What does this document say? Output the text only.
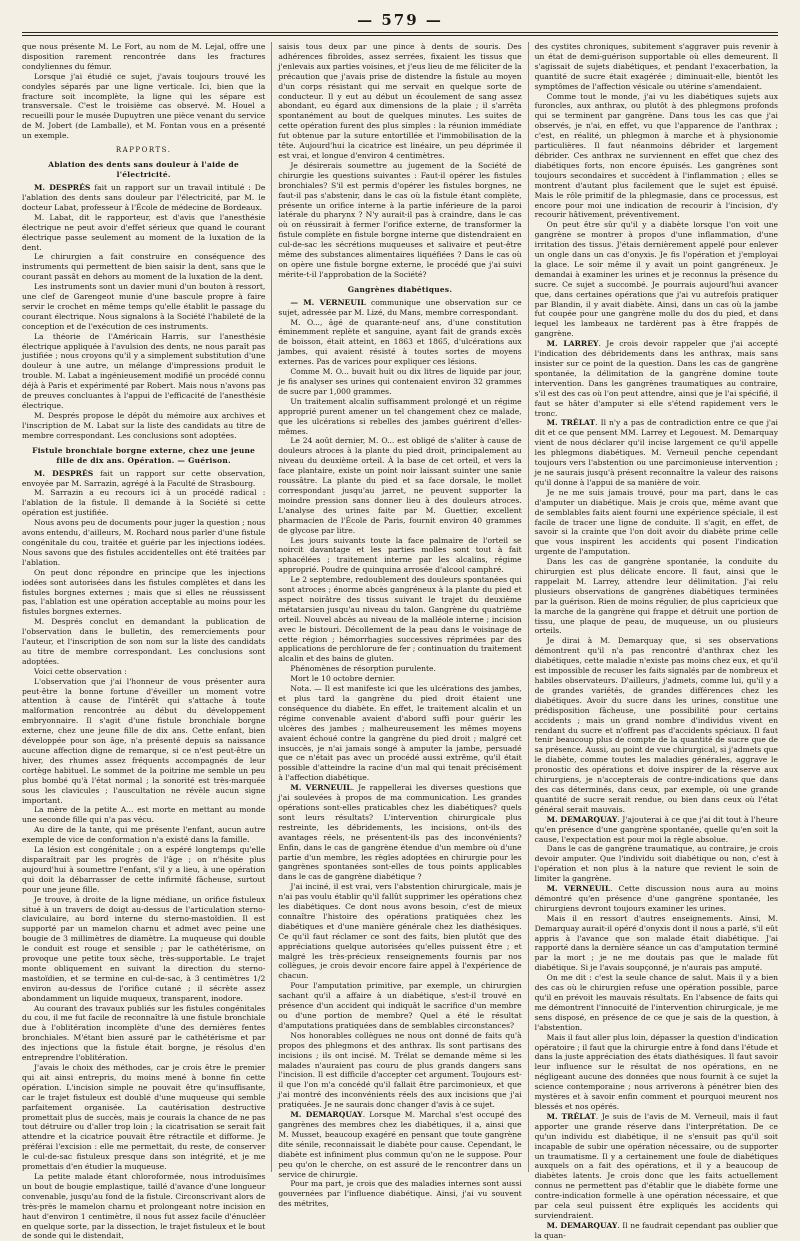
— 579 —

que nous présente M. Le Fort, au nom de M. Lejal, offre une disposition rarement rencontrée dans les fractures condyliennes du fémur.

Lorsque j'ai étudié ce sujet, j'avais toujours trouvé les condyles séparés par une ligne verticale. Ici, bien que la fracture soit incomplète, la ligne qui les sépare est transversale. C'est le troisième cas observé. M. Houel a recueilli pour le musée Dupuytren une pièce venant du service de M. Jobert (de Lamballe), et M. Fontan vous en a présenté un exemple.

RAPPORTS.
Ablation des dents sans douleur à l'aide de l'électricité.

M. DESPRÉS fait un rapport sur un travail intitulé : De l'ablation des dents sans douleur par l'électricité, par M. le docteur Labat, professeur à l'École de médecine de Bordeaux.

M. Labat, dit le rapporteur, est d'avis que l'anesthésie électrique ne peut avoir d'effet sérieux que quand le courant électrique passe seulement au moment de la luxation de la dent.

Le chirurgien a fait construire en conséquence des instruments qui permettent de bien saisir la dent, sans que le courant passât en dehors au moment de la luxation de la dent.

Les instruments sont un davier muni d'un bouton à ressort, une clef de Garengeot munie d'une bascule propre à faire servir le crochet en même temps qu'elle établit le passage du courant électrique. Nous signalons à la Société l'habileté de la conception et de l'exécution de ces instruments.

La théorie de l'Américain Harris, sur l'anesthésie électrique appliquée à l'avulsion des dents, ne nous paraît pas justifiée ; nous croyons qu'il y a simplement substitution d'une douleur à une autre, un mélange d'impressions produit le trouble. M. Labat a ingénieusement modifié un procédé connu déjà à Paris et expérimenté par Robert. Mais nous n'avons pas de preuves concluantes à l'appui de l'efficacité de l'anesthésie électrique.

M. Després propose le dépôt du mémoire aux archives et l'inscription de M. Labat sur la liste des candidats au titre de membre correspondant. Les conclusions sont adoptées.

Fistule bronchiale borgne externe, chez une jeune fille de dix ans. Opération. — Guérison.

M. DESPRÉS fait un rapport sur cette observation, envoyée par M. Sarrazin, agrégé à la Faculté de Strasbourg.

M. Sarrazin a eu recours ici à un procédé radical : l'ablation de la fistule. Il demande à la Société si cette opération est justifiée.

Nous avons peu de documents pour juger la question ; nous avons entendu, d'ailleurs, M. Rochard nous parler d'une fistule congénitale du cou, traitée et guérie par les injections iodées. Nous savons que des fistules accidentelles ont été traitées par l'ablation.

On peut donc répondre en principe que les injections iodées sont autorisées dans les fistules complètes et dans les fistules borgnes externes ; mais que si elles ne réussissent pas, l'ablation est une opération acceptable au moins pour les fistules borgnes externes.

M. Després conclut en demandant la publication de l'observation dans le bulletin, des remerciements pour l'auteur, et l'inscription de son nom sur la liste des candidats au titre de membre correspondant. Les conclusions sont adoptées.

Voici cette observation :

L'observation que j'ai l'honneur de vous présenter aura peut-être la bonne fortune d'éveiller un moment votre attention à cause de l'intérêt qui s'attache à toute malformation rencontrée au début du développement embryonnaire. Il s'agit d'une fistule bronchiale borgne externe, chez une jeune fille de dix ans. Cette enfant, bien développée pour son âge, n'a présenté depuis sa naissance aucune affection digne de remarque, si ce n'est peut-être un hiver, des rhumes assez fréquents accompagnés de leur cortège habituel. Le sommet de la poitrine me semble un peu plus bombé qu'à l'état normal ; la sonorité est très-marquée sous les clavicules ; l'auscultation ne révèle aucun signe important.

La mère de la petite A... est morte en mettant au monde une seconde fille qui n'a pas vécu.

Au dire de la tante, qui me présente l'enfant, aucun autre exemple de vice de conformation n'a existé dans la famille.

La lésion est congénitale ; on a espéré longtemps qu'elle disparaîtrait par les progrès de l'âge ; on n'hésite plus aujourd'hui à soumettre l'enfant, s'il y a lieu, à une opération qui doit la débarrasser de cette infirmité fâcheuse, surtout pour une jeune fille.

Je trouve, à droite de la ligne médiane, un orifice fistuleux situé à un travers de doigt au-dessus de l'articulation sterno-claviculaire, au bord interne du sterno-mastoïdien. Il est supporté par un mamelon charnu et admet avec peine une bougie de 3 millimètres de diamètre. La muqueuse qui double le conduit est rouge et sensible ; par le cathétérisme, on provoque une petite toux sèche, très-supportable. Le trajet monte obliquement en suivant la direction du sterno-mastoïdien, et se termine en cul-de-sac, à 3 centimètres 1/2 environ au-dessus de l'orifice cutané ; il sécrète assez abondamment un liquide muqueux, transparent, inodore.

Au courant des travaux publiés sur les fistules congénitales du cou, il me fut facile de reconnaître là une fistule bronchiale due à l'oblitération incomplète d'une des dernières fentes bronchiales. M'étant bien assuré par le cathétérisme et par des injections que la fistule était borgne, je résolus d'en entreprendre l'oblitération.

J'avais le choix des méthodes, car je crois être le premier qui ait ainsi entrepris, du moins mené à bonne fin cette opération. L'incision simple ne pouvait être qu'insuffisante, car le trajet fistuleux est doublé d'une muqueuse qui semble parfaitement organisée. La cautérisation destructive promettait plus de succès, mais je courais la chance de ne pas tout détruire ou d'aller trop loin ; la cicatrisation se serait fait attendre et la cicatrice pouvait être rétractile et difforme. Je préférai l'excision : elle me permettait, du reste, de conserver le cul-de-sac fistuleux presque dans son intégrité, et je me promettais d'en étudier la muqueuse.

La petite malade étant chloroformée, nous introduisîmes un bout de bougie emplastique, taillé d'avance d'une longueur convenable, jusqu'au fond de la fistule. Circonscrivant alors de très-près le mamelon charnu et prolongeant notre incision en haut d'environ 1 centimètre, il nous fut assez facile d'énucléer en quelque sorte, par la dissection, le trajet fistuleux et le bout de sonde qui le distendait,

saisis tous deux par une pince à dents de souris. Des adhérences fibroïdes, assez serrées, fixaient les tissus que j'enlevais aux parties voisines, et j'eus lieu de me féliciter de la précaution que j'avais prise de distendre la fistule au moyen d'un corps résistant qui me servait en quelque sorte de conducteur. Il y eut au début un écoulement de sang assez abondant, eu égard aux dimensions de la plaie ; il s'arrêta spontanément au bout de quelques minutes. Les suites de cette opération furent des plus simples : la réunion immédiate fut obtenue par la suture entortillée et l'immobilisation de la tête. Aujourd'hui la cicatrice est linéaire, un peu déprimée il est vrai, et longue d'environ 4 centimètres.

Je désirerais soumettre au jugement de la Société de chirurgie les questions suivantes : Faut-il opérer les fistules bronchiales? S'il est permis d'opérer les fistules borgnes, ne faut-il pas s'abstenir, dans le cas où la fistule étant complète, présente un orifice interne à la partie inférieure de la paroi latérale du pharynx ? N'y aurait-il pas à craindre, dans le cas où on réussirait à fermer l'orifice externe, de transformer la fistule complète en fistule borgne interne que distendraient en cul-de-sac les sécrétions muqueuses et salivaire et peut-être même des substances alimentaires liquéfiées ? Dans le cas où on opère une fistule borgne externe, le procédé que j'ai suivi mérite-t-il l'approbation de la Société?

Gangrènes diabétiques.

— M. VERNEUIL communique une observation sur ce sujet, adressée par M. Lizé, du Mans, membre correspondant.

M. O..., âgé de quarante-neuf ans, d'une constitution éminemment replète et sanguine, ayant fait de grands excès de boisson, était atteint, en 1863 et 1865, d'ulcérations aux jambes, qui avaient résisté à toutes sortes de moyens externes. Pas de varices pour expliquer ces lésions.

Comme M. O... buvait huit ou dix litres de liquide par jour, je fis analyser ses urines qui contenaient environ 32 grammes de sucre par 1,000 grammes.

Un traitement alcalin suffisamment prolongé et un régime approprié purent amener un tel changement chez ce malade, que les ulcérations si rebelles des jambes guérirent d'elles-mêmes.

Le 24 août dernier, M. O... est obligé de s'aliter à cause de douleurs atroces à la plante du pied droit, principalement au niveau du deuxième orteil. À la base de cet orteil, et vers la face plantaire, existe un point noir laissant suinter une sanie roussâtre. La plante du pied et sa face dorsale, le mollet correspondant jusqu'au jarret, ne peuvent supporter la moindre pression sans donner lieu à des douleurs atroces. L'analyse des urines faite par M. Guettier, excellent pharmacien de l'École de Paris, fournit environ 40 grammes de glycose par litre.

Les jours suivants toute la face palmaire de l'orteil se noircit davantage et les parties molles sont tout à fait sphacélées ; traitement interne par les alcalins, régime approprié. Poudre de quinquina arrosée d'alcool camphré.

Le 2 septembre, redoublement des douleurs spontanées qui sont atroces ; énorme abcès gangréneux à la plante du pied et aspect noirâtre des tissus suivant le trajet du deuxième métatarsien jusqu'au niveau du talon. Gangrène du quatrième orteil. Nouvel abcès au niveau de la malléole interne ; incision avec le bistouri. Décollement de la peau dans le voisinage de cette région ; hémorrhagies successives réprimées par des applications de perchlorure de fer ; continuation du traitement alcalin et des bains de gluten.

Phénomènes de résorption purulente.

Mort le 10 octobre dernier.

Nota. — Il est manifeste ici que les ulcérations des jambes, et plus tard la gangrène du pied droit étaient une conséquence du diabète. En effet, le traitement alcalin et un régime convenable avaient d'abord suffi pour guérir les ulcères des jambes ; malheureusement les mêmes moyens avaient échoué contre la gangrène du pied droit ; malgré cet insuccès, je n'ai jamais songé à amputer la jambe, persuadé que ce n'était pas avec un procédé aussi extrême, qu'il était possible d'atteindre la racine d'un mal qui tenait précisément à l'affection diabétique.

M. VERNEUIL. Je rappellerai les diverses questions que j'ai soulevées à propos de ma communication. Les grandes opérations sont-elles praticables chez les diabétiques? quels sont leurs résultats? L'intervention chirurgicale plus restreinte, les débridements, les incisions, ont-ils des avantages réels, ne présentent-ils pas des inconvénients? Enfin, dans le cas de gangrène étendue d'un membre où d'une partie d'un membre, les règles adoptées en chirurgie pour les gangrènes spontanées sont-elles de tous points applicables dans le cas de gangrène diabétique ?

J'ai inciné, il est vrai, vers l'abstention chirurgicale, mais je n'ai pas voulu établir qu'il fallût supprimer les opérations chez les diabétiques. Ce dont nous avons besoin, c'est de mieux connaître l'histoire des opérations pratiquées chez les diabétiques et d'une manière générale chez les diathésiques. Ce qu'il faut réclamer ce sont des faits, bien plutôt que des appréciations quelque autorisées qu'elles puissent être ; et malgré les très-précieux renseignements fournis par nos collègues, je crois devoir encore faire appel à l'expérience de chacun.

Pour l'amputation primitive, par exemple, un chirurgien sachant qu'il a affaire à un diabétique, s'est-il trouvé en présence d'un accident qui indiquât le sacrifice d'un membre ou d'une portion de membre? Quel a été le résultat d'amputations pratiquées dans de semblables circonstances?

Nos honorables collègues ne nous ont donné de faits qu'à propos des phlegmons et des anthrax. Ils sont partisans des incisions ; ils ont incisé. M. Trélat se demande même si les malades n'auraient pas couru de plus grands dangers sans l'incision. Il est difficile d'accepter cet argument. Toujours est-il que l'on m'a concédé qu'il fallait être parcimonieux, et que j'ai montré des inconvénients réels des aux incisions que j'ai pratiquées. Je ne saurais donc changer d'avis à ce sujet.

M. DEMARQUAY. Lorsque M. Marchal s'est occupé des gangrènes des membres chez les diabétiques, il a, ainsi que M. Musset, beaucoup exagéré en pensant que toute gangrène dite sénile, reconnaissait le diabète pour cause. Cependant, le diabète est infiniment plus commun qu'on ne le suppose. Pour peu qu'on le cherche, on est assuré de le rencontrer dans un service de chirurgie.

Pour ma part, je crois que des maladies internes sont aussi gouvernées par l'influence diabétique. Ainsi, j'ai vu souvent des métrites,

des cystites chroniques, subitement s'aggraver puis revenir à un état de demi-guérison supportable où elles demeurent. Il s'agissait de sujets diabétiques, et pendant l'exacerbation, la quantité de sucre était exagérée ; diminuait-elle, bientôt les symptômes de l'affection vésicale ou utérine s'amendaient.

Comme tout le monde, j'ai vu les diabétiques sujets aux furoncles, aux anthrax, ou plutôt à des phlegmons profonds qui se terminent par gangrène. Dans tous les cas que j'ai observés, je n'ai, en effet, vu que l'apparence de l'anthrax ; c'est, en réalité, un phlegmon à marche et à physionomie particulières. Il faut néanmoins débrider et largement débrider. Ces anthrax ne surviennent en effet que chez des diabétiques forts, non encore épuisés. Les gangrènes sont toujours secondaires et succèdent à l'inflammation ; elles se montrent d'autant plus facilement que le sujet est épuisé. Mais le rôle primitif de la phlegmasie, dans ce processus, est encore pour moi une indication de recourir à l'incision, d'y recourir hâtivement, préventivement.

On peut être sûr qu'il y a diabète lorsque l'on voit une gangrène se montrer à propos d'une inflammation, d'une irritation des tissus. J'étais dernièrement appelé pour enlever un ongle dans un cas d'onyxis. Je fis l'opération et j'employai la glace. Le soir même il y avait un point gangréneux. Je demandai à examiner les urines et je reconnus la présence du sucre. Ce sujet a succombé. Je pourrais aujourd'hui avancer que, dans certaines opérations que j'ai vu autrefois pratiquer par Blandin, il y avait diabète. Ainsi, dans un cas où la jambe fut coupée pour une gangrène molle du dos du pied, et dans lequel les lambeaux ne tardèrent pas à être frappés de gangrène.

M. LARREY. Je crois devoir rappeler que j'ai accepté l'indication des débridements dans les anthrax, mais sans insister sur ce point de la question. Dans les cas de gangrène spontanée, la délimitation de la gangrène domine toute intervention. Dans les gangrènes traumatiques au contraire, s'il est des cas où l'on peut attendre, ainsi que je l'ai spécifié, il faut se hâter d'amputer si elle s'étend rapidement vers le tronc.

M. TRÉLAT. Il n'y a pas de contradiction entre ce que j'ai dit et ce que pensent MM. Larrey et Legouest. M. Demarquay vient de nous déclarer qu'il incise largement ce qu'il appelle les phlegmons diabétiques. M. Verneuil penche cependant toujours vers l'abstention ou une parcimonieuse intervention ; je ne saurais jusqu'à présent reconnaître la valeur des raisons qu'il donne à l'appui de sa manière de voir.

Je ne me suis jamais trouvé, pour ma part, dans le cas d'amputer un diabétique. Mais je crois que, même avant que de semblables faits aient fourni une expérience spéciale, il est facile de tracer une ligne de conduite. Il s'agit, en effet, de savoir si la crainte que l'on doit avoir du diabète prime celle que vous inspirent les accidents qui posent l'indication urgente de l'amputation.

Dans les cas de gangrène spontanée, la conduite du chirurgien est plus délicate encore. Il faut, ainsi que le rappelait M. Larrey, attendre leur délimitation. J'ai relu plusieurs observations de gangrènes diabétiques terminées par la guérison. Rien de moins régulier, de plus capricieux que la marche de la gangrène qui frappe et détruit une portion de tissu, une plaque de peau, de muqueuse, un ou plusieurs orteils.

Je dirai à M. Demarquay que, si ses observations démontrent qu'il n'a pas rencontré d'anthrax chez les diabétiques, cette maladie n'existe pas moins chez eux, et qu'il est impossible de recuser les faits signalés par de nombreux et habiles observateurs. D'ailleurs, j'admets, comme lui, qu'il y a de grandes variétés, de grandes différences chez les diabétiques. Avoir du sucre dans les urines, constitue une prédisposition fâcheuse, une possibilité pour certains accidents ; mais un grand nombre d'individus vivent en rendant du sucre et n'offrent pas d'accidents spéciaux. Il faut tenir beaucoup plus de compte de la quantité de sucre que de sa présence. Aussi, au point de vue chirurgical, si j'admets que le diabète, comme toutes les maladies générales, aggrave le pronostic des opérations et doive inspirer de la réserve aux chirurgiens, je n'accepterais de contre-indications que dans des cas déterminés, dans ceux, par exemple, où une grande quantité de sucre serait rendue, ou bien dans ceux où l'état général serait mauvais.

M. DEMARQUAY. J'ajouterai à ce que j'ai dit tout à l'heure qu'en présence d'une gangrène spontanée, quelle qu'en soit la cause, l'expectation est pour moi la règle absolue.

Dans le cas de gangrène traumatique, au contraire, je crois devoir amputer. Que l'individu soit diabétique ou non, c'est à l'opération et non plus à la nature que revient le soin de limiter la gangrène.

M. VERNEUIL. Cette discussion nous aura au moins démontré qu'en présence d'une gangrène spontanée, les chirurgiens devront toujours examiner les urines.

Mais il en ressort d'autres enseignements. Ainsi, M. Demarquay aurait-il opéré d'onyxis dont il nous a parlé, s'il eût appris à l'avance que son malade était diabétique. J'ai rapporté dans la dernière séance un cas d'amputation terminé par la mort ; je ne me doutais pas que le malade fût diabétique. Si je l'avais soupçonné, je n'aurais pas amputé.

On me dit : c'est la seule chance de salut. Mais il y a bien des cas où le chirurgien refuse une opération possible, parce qu'il en prévoit les mauvais résultats. En l'absence de faits qui me démontrent l'innocuité de l'intervention chirurgicale, je me sens disposé, en présence de ce que je sais de la question, à l'abstention.

Mais il faut aller plus loin, dépasser la question d'indication opératoire ; il faut que la chirurgie entre à fond dans l'étude et dans la juste appréciation des états diathésiques. Il faut savoir leur influence sur le résultat de nos opérations, en ne négligeant aucune des données que nous fournit à ce sujet la science contemporaine ; nous arriverons à pénétrer bien des mystères et à savoir enfin comment et pourquoi meurent nos blessés et nos opérés.

M. TRÉLAT. Je suis de l'avis de M. Verneuil, mais il faut apporter une grande réserve dans l'interprétation. De ce qu'un individu est diabétique, il ne s'ensuit pas qu'il soit incapable de subir une opération nécessaire, ou de supporter un traumatisme. Il y a certainement une foule de diabétiques auxquels on a fait des opérations, et il y a beaucoup de diabètes latents. Je crois donc que les faits actuellement connus ne permettent pas d'établir que le diabète forme une contre-indication formelle à une opération nécessaire, et que par cela seul puissent être expliqués les accidents qui surviendraient.

M. DEMARQUAY. Il ne faudrait cependant pas oublier que la quan-
